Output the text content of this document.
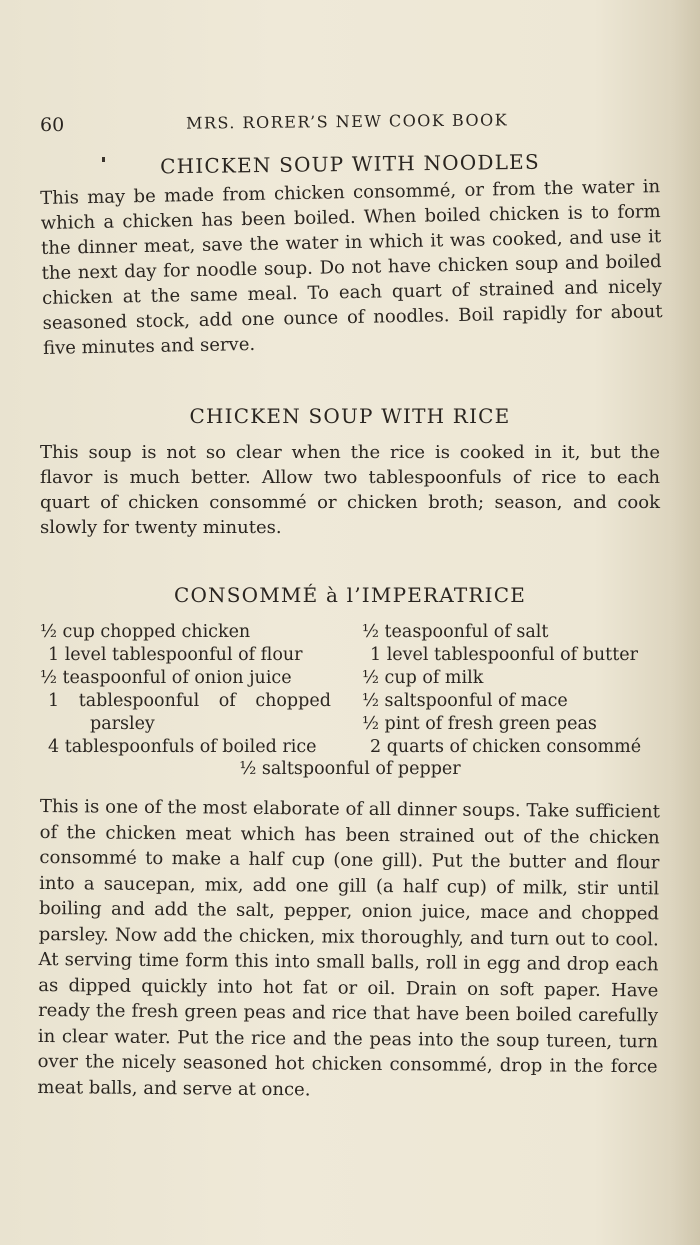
60	MRS. RORER’S NEW COOK BOOK
CHICKEN SOUP WITH NOODLES

This may be made from chicken consommé, or from the water in which a chicken has been boiled. When boiled chicken is to form the dinner meat, save the water in which it was cooked, and use it the next day for noodle soup. Do not have chicken soup and boiled chicken at the same meal. To each quart of strained and nicely seasoned stock, add one ounce of noodles. Boil rapidly for about five minutes and serve.

CHICKEN SOUP WITH RICE

This soup is not so clear when the rice is cooked in it, but the flavor is much better. Allow two tablespoonfuls of rice to each quart of chicken consommé or chicken broth; season, and cook slowly for twenty minutes.

CONSOMMÉ à l’IMPERATRICE
½ cup chopped chicken
1 level tablespoonful of flour
½ teaspoonful of onion juice
1 tablespoonful of chopped
parsley
4 tablespoonfuls of boiled rice
½ teaspoonful of salt
1 level tablespoonful of butter
½ cup of milk
½ saltspoonful of mace
½ pint of fresh green peas
2 quarts of chicken consommé
½ saltspoonful of pepper

This is one of the most elaborate of all dinner soups. Take sufficient of the chicken meat which has been strained out of the chicken consommé to make a half cup (one gill). Put the butter and flour into a saucepan, mix, add one gill (a half cup) of milk, stir until boiling and add the salt, pepper, onion juice, mace and chopped parsley. Now add the chicken, mix thoroughly, and turn out to cool. At serving time form this into small balls, roll in egg and drop each as dipped quickly into hot fat or oil. Drain on soft paper. Have ready the fresh green peas and rice that have been boiled carefully in clear water. Put the rice and the peas into the soup tureen, turn over the nicely seasoned hot chicken consommé, drop in the force meat balls, and serve at once.
